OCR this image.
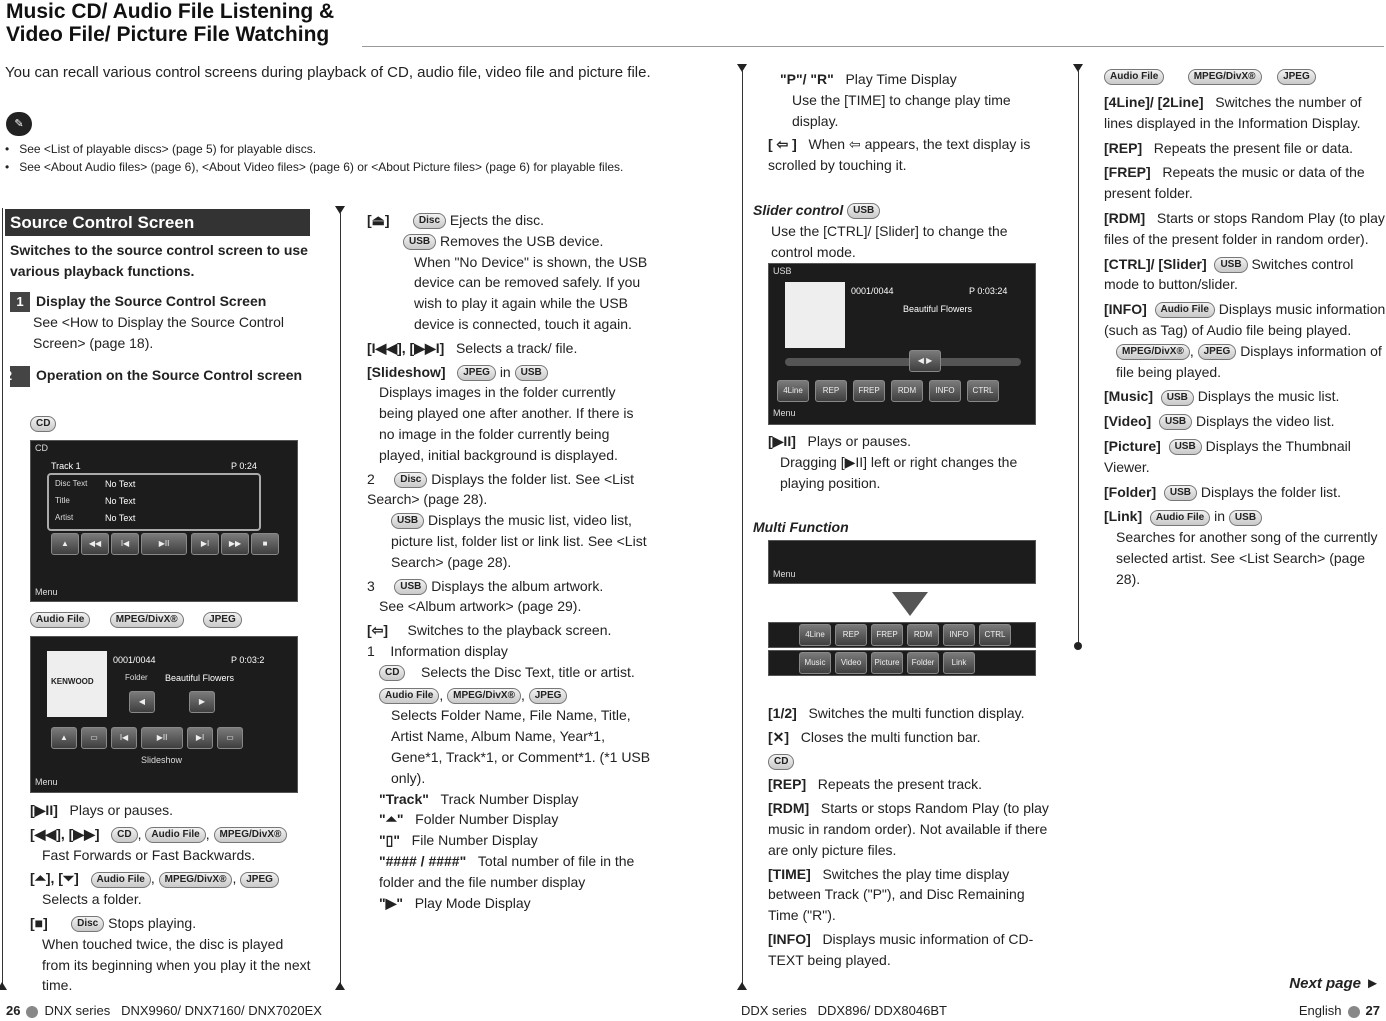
Music CD/ Audio File Listening &
Video File/ Picture File Watching
You can recall various control screens during playback of CD, audio file, video file and picture file.
✎
•   See <List of playable discs> (page 5) for playable discs.
•   See <About Audio files> (page 6), <About Video files> (page 6) or <About Picture files> (page 6) for playable files.
Source Control Screen

Switches to the source control screen to use various playback functions.

1 Display the Source Control Screen

See <How to Display the Source Control Screen> (page 18).

2 Operation on the Source Control screen

CD
CD
Track 1	P 0:24
Disc Text No Text
Title	No Text
Artist	No Text
▲	◀◀	I◀	▶II	▶I	▶▶	■
Menu
Audio File	MPEG/DivX®	JPEG
KENWOOD
0001/0044	P 0:03:2
Folder Beautiful Flowers
◀	▶
▲	▭	I◀	▶II	▶I	▭
Slideshow
Menu

[▶II] Plays or pauses.

[◀◀], [▶▶] CD , Audio File , MPEG/DivX®

Fast Forwards or Fast Backwards.

[⏶], [⏷] Audio File , MPEG/DivX® , JPEG

Selects a folder.

[■]	Disc Stops playing.

When touched twice, the disc is played from its beginning when you play it the next time.

[⏏]	Disc Ejects the disc.

USB Removes the USB device.

When "No Device" is shown, the USB device can be removed safely. If you wish to play it again while the USB device is connected, touch it again.

[I◀◀], [▶▶I] Selects a track/ file.

[Slideshow] JPEG in USB

Displays images in the folder currently being played one after another. If there is no image in the folder currently being played, initial background is displayed.

2	Disc Displays the folder list. See <List Search> (page 28).

USB Displays the music list, video list, picture list, folder list or link list. See <List Search> (page 28).

3	USB Displays the album artwork.

See <Album artwork> (page 29).

[⇦] Switches to the playback screen.

1 Information display

CD Selects the Disc Text, title or artist.

Audio File , MPEG/DivX® , JPEG

Selects Folder Name, File Name, Title, Artist Name, Album Name, Year*1, Gene*1, Track*1, or Comment*1. (*1 USB only).

"Track" Track Number Display

"⏶" Folder Number Display

"▯" File Number Display

"#### / ####" Total number of file in the folder and the file number display

"▶" Play Mode Display

"P"/ "R" Play Time Display

Use the [TIME] to change play time display.

[ ⇦ ] When ⇦ appears, the text display is scrolled by touching it.

Slider control USB

Use the [CTRL]/ [Slider] to change the control mode.

USB
0001/0044	P 0:03:24
Beautiful Flowers
◀ ▶
4Line	REP	FREP	RDM	INFO	CTRL
Menu

[▶II] Plays or pauses.

Dragging [▶II] left or right changes the playing position.

Multi Function
Menu
4Line	REP	FREP	RDM	INFO	CTRL
Music	Video	Picture	Folder	Link

[1/2] Switches the multi function display.

[✕] Closes the multi function bar.

CD

[REP] Repeats the present track.

[RDM] Starts or stops Random Play (to play music in random order). Not available if there are only picture files.

[TIME] Switches the play time display between Track ("P"), and Disc Remaining Time ("R").

[INFO] Displays music information of CD-TEXT being played.

Audio File	MPEG/DivX®	JPEG

[4Line]/ [2Line] Switches the number of lines displayed in the Information Display.

[REP] Repeats the present file or data.

[FREP] Repeats the music or data of the present folder.

[RDM] Starts or stops Random Play (to play files of the present folder in random order).

[CTRL]/ [Slider] USB Switches control mode to button/slider.

[INFO] Audio File Displays music information (such as Tag) of Audio file being played.

MPEG/DivX® , JPEG Displays information of file being played.

[Music] USB Displays the music list.

[Video] USB Displays the video list.

[Picture] USB Displays the Thumbnail Viewer.

[Folder] USB Displays the folder list.

[Link] Audio File in USB

Searches for another song of the currently selected artist. See <List Search> (page 28).

26 DNX series DNX9960/ DNX7160/ DNX7020EX	DDX series DDX896/ DDX8046BT
Next page ►
English 27
